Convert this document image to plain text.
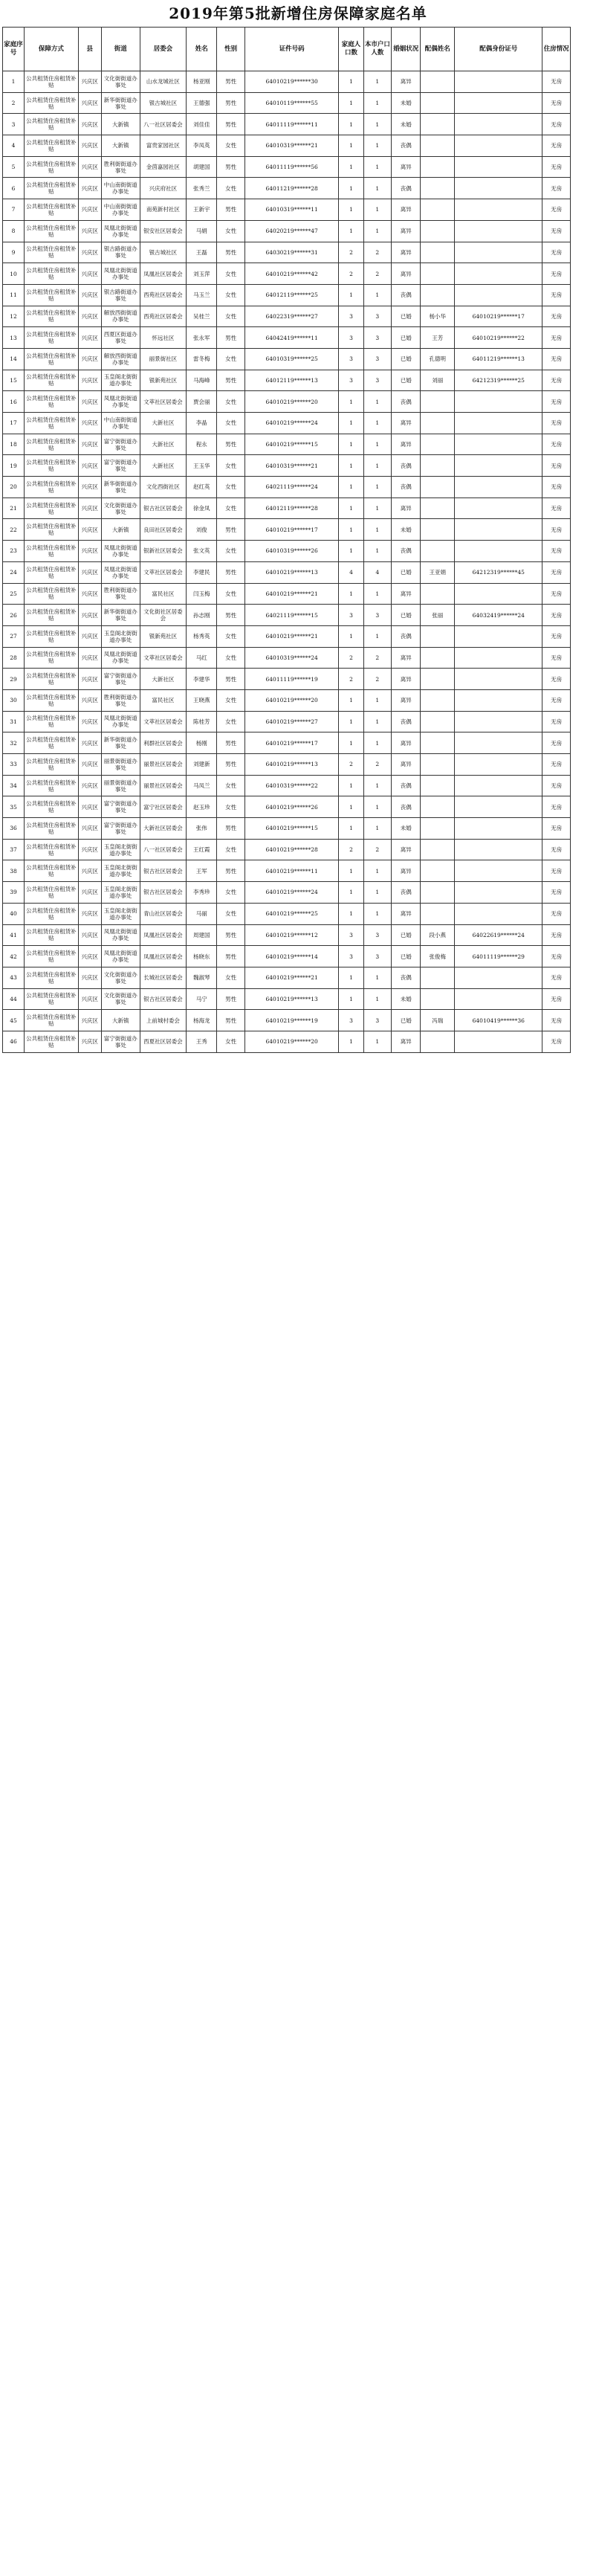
2019年第5批新增住房保障家庭名单
家庭序号	保障方式	县	街道	居委会	姓名	性别	证件号码	家庭人口数	本市户口人数	婚姻状况	配偶姓名	配偶身份证号	住房情况
1	公共租赁住房租赁补贴	兴庆区	文化街街道办事处	山水龙城社区	杨亚刚	男性	64010219******30	1	1	离异			无房
2	公共租赁住房租赁补贴	兴庆区	新华街街道办事处	银古城社区	王德强	男性	64010119******55	1	1	未婚			无房
3	公共租赁住房租赁补贴	兴庆区	大新镇	八一社区居委会	刘佳佳	男性	64011119******11	1	1	未婚			无房
4	公共租赁住房租赁补贴	兴庆区	大新镇	富贵家园社区	李凤英	女性	64010319******21	1	1	丧偶			无房
5	公共租赁住房租赁补贴	兴庆区	胜利街街道办事处	金茵嘉园社区	胡建国	男性	64011119******56	1	1	离异			无房
6	公共租赁住房租赁补贴	兴庆区	中山南街街道办事处	兴庆府社区	张秀兰	女性	64011219******28	1	1	丧偶			无房
7	公共租赁住房租赁补贴	兴庆区	中山南街街道办事处	南苑新村社区	王新宇	男性	64010319******11	1	1	离异			无房
8	公共租赁住房租赁补贴	兴庆区	凤凰北街街道办事处	银安社区居委会	马娟	女性	64020219******47	1	1	离异			无房
9	公共租赁住房租赁补贴	兴庆区	银古路街道办事处	银古城社区	王磊	男性	64030219******31	2	2	离异			无房
10	公共租赁住房租赁补贴	兴庆区	凤凰北街街道办事处	凤凰社区居委会	刘玉萍	女性	64010219******42	2	2	离异			无房
11	公共租赁住房租赁补贴	兴庆区	银古路街道办事处	西苑社区居委会	马玉兰	女性	64012119******25	1	1	丧偶			无房
12	公共租赁住房租赁补贴	兴庆区	解放西街街道办事处	西苑社区居委会	吴桂兰	女性	64022319******27	3	3	已婚	杨小华	64010219******17	无房
13	公共租赁住房租赁补贴	兴庆区	西夏区街道办事处	怀远社区	张永军	男性	64042419******11	3	3	已婚	王芳	64010219******22	无房
14	公共租赁住房租赁补贴	兴庆区	解放西街街道办事处	丽景街社区	雷冬梅	女性	64010319******25	3	3	已婚	孔德明	64011219******13	无房
15	公共租赁住房租赁补贴	兴庆区	玉皇阁北街街道办事处	银新苑社区	马海峰	男性	64012119******13	3	3	已婚	刘丽	64212319******25	无房
16	公共租赁住房租赁补贴	兴庆区	凤凰北街街道办事处	文萃社区居委会	贾会丽	女性	64010219******20	1	1	丧偶			无房
17	公共租赁住房租赁补贴	兴庆区	中山南街街道办事处	大新社区	李晶	女性	64010219******24	1	1	离异			无房
18	公共租赁住房租赁补贴	兴庆区	富宁街街道办事处	大新社区	程永	男性	64010219******15	1	1	离异			无房
19	公共租赁住房租赁补贴	兴庆区	富宁街街道办事处	大新社区	王玉华	女性	64010319******21	1	1	丧偶			无房
20	公共租赁住房租赁补贴	兴庆区	新华街街道办事处	文化西街社区	赵红英	女性	64021119******24	1	1	丧偶			无房
21	公共租赁住房租赁补贴	兴庆区	文化街街道办事处	银古社区居委会	徐金凤	女性	64012119******28	1	1	离异			无房
22	公共租赁住房租赁补贴	兴庆区	大新镇	良田社区居委会	刘俊	男性	64010219******17	1	1	未婚			无房
23	公共租赁住房租赁补贴	兴庆区	凤凰北街街道办事处	银新社区居委会	张文英	女性	64010319******26	1	1	丧偶			无房
24	公共租赁住房租赁补贴	兴庆区	凤凰北街街道办事处	文萃社区居委会	李建民	男性	64010219******13	4	4	已婚	王亚娟	64212319******45	无房
25	公共租赁住房租赁补贴	兴庆区	胜利街街道办事处	富民社区	闫玉梅	女性	64010219******21	1	1	离异			无房
26	公共租赁住房租赁补贴	兴庆区	新华街街道办事处	文化街社区居委会	孙志刚	男性	64021119******15	3	3	已婚	张丽	64032419******24	无房
27	公共租赁住房租赁补贴	兴庆区	玉皇阁北街街道办事处	银新苑社区	杨秀英	女性	64010219******21	1	1	丧偶			无房
28	公共租赁住房租赁补贴	兴庆区	凤凰北街街道办事处	文萃社区居委会	马红	女性	64010319******24	2	2	离异			无房
29	公共租赁住房租赁补贴	兴庆区	富宁街街道办事处	大新社区	李建华	男性	64011119******19	2	2	离异			无房
30	公共租赁住房租赁补贴	兴庆区	胜利街街道办事处	富民社区	王晓燕	女性	64010219******20	1	1	离异			无房
31	公共租赁住房租赁补贴	兴庆区	凤凰北街街道办事处	文萃社区居委会	陈桂芳	女性	64010219******27	1	1	丧偶			无房
32	公共租赁住房租赁补贴	兴庆区	新华街街道办事处	利群社区居委会	杨刚	男性	64010219******17	1	1	离异			无房
33	公共租赁住房租赁补贴	兴庆区	丽景街街道办事处	丽景社区居委会	刘建新	男性	64010219******13	2	2	离异			无房
34	公共租赁住房租赁补贴	兴庆区	丽景街街道办事处	丽景社区居委会	马凤兰	女性	64010319******22	1	1	丧偶			无房
35	公共租赁住房租赁补贴	兴庆区	富宁街街道办事处	富宁社区居委会	赵玉珍	女性	64010219******26	1	1	丧偶			无房
36	公共租赁住房租赁补贴	兴庆区	富宁街街道办事处	大新社区居委会	张伟	男性	64010219******15	1	1	未婚			无房
37	公共租赁住房租赁补贴	兴庆区	玉皇阁北街街道办事处	八一社区居委会	王红霞	女性	64010219******28	2	2	离异			无房
38	公共租赁住房租赁补贴	兴庆区	玉皇阁北街街道办事处	银古社区居委会	王军	男性	64010219******11	1	1	离异			无房
39	公共租赁住房租赁补贴	兴庆区	玉皇阁北街街道办事处	银古社区居委会	李秀珍	女性	64010219******24	1	1	丧偶			无房
40	公共租赁住房租赁补贴	兴庆区	玉皇阁北街街道办事处	青山社区居委会	马丽	女性	64010219******25	1	1	离异			无房
41	公共租赁住房租赁补贴	兴庆区	凤凰北街街道办事处	凤凰社区居委会	周建国	男性	64010219******12	3	3	已婚	段小燕	64022619******24	无房
42	公共租赁住房租赁补贴	兴庆区	凤凰北街街道办事处	凤凰社区居委会	杨晓东	男性	64010219******14	3	3	已婚	张俊梅	64011119******29	无房
43	公共租赁住房租赁补贴	兴庆区	文化街街道办事处	长城社区居委会	魏淑琴	女性	64010219******21	1	1	丧偶			无房
44	公共租赁住房租赁补贴	兴庆区	文化街街道办事处	银古社区居委会	马宁	男性	64010219******13	1	1	未婚			无房
45	公共租赁住房租赁补贴	兴庆区	大新镇	上前城村委会	杨海龙	男性	64010219******19	3	3	已婚	冯瑞	64010419******36	无房
46	公共租赁住房租赁补贴	兴庆区	富宁街街道办事处	西夏社区居委会	王秀	女性	64010219******20	1	1	离异			无房
